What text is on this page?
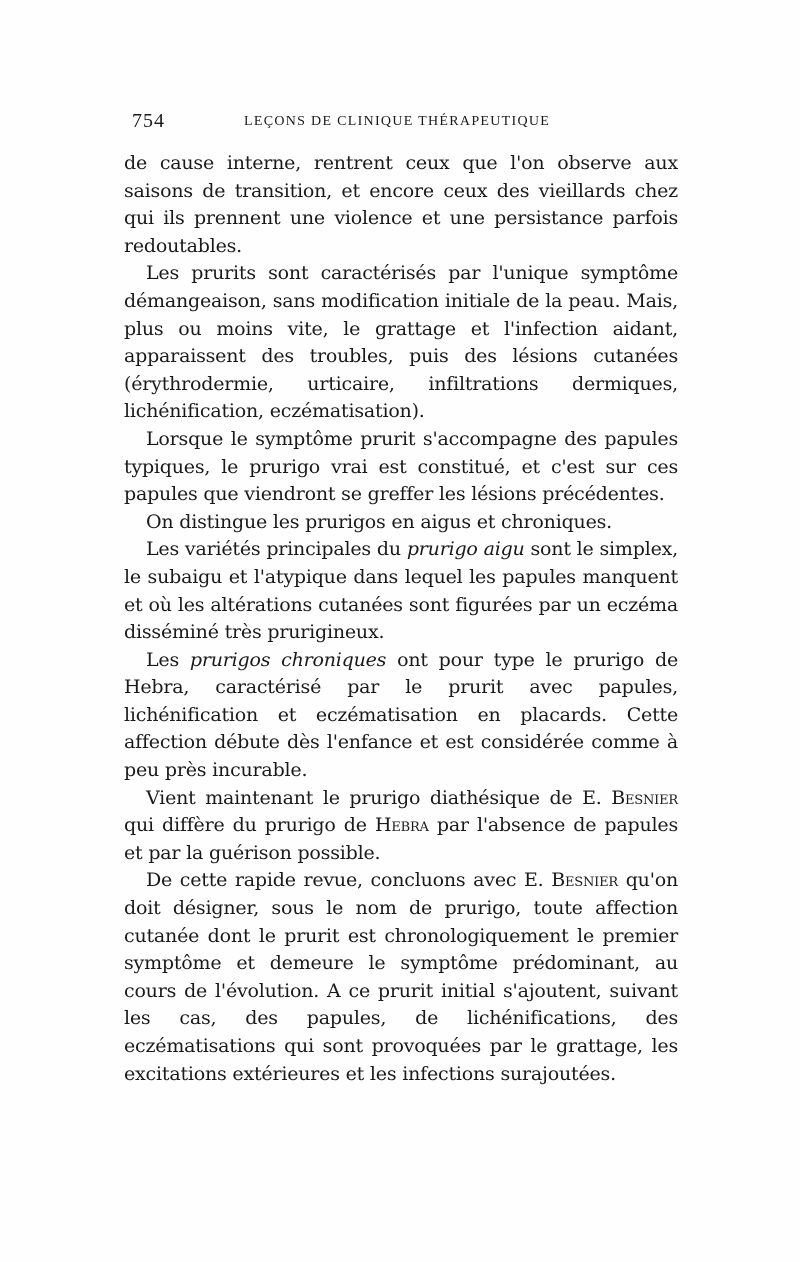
754	LEÇONS DE CLINIQUE THÉRAPEUTIQUE

de cause interne, rentrent ceux que l'on observe aux saisons de transition, et encore ceux des vieillards chez qui ils prennent une violence et une persistance parfois redoutables.

Les prurits sont caractérisés par l'unique symptôme démangeaison, sans modification initiale de la peau. Mais, plus ou moins vite, le grattage et l'infection aidant, apparaissent des troubles, puis des lésions cutanées (érythrodermie, urticaire, infiltrations dermiques, lichénification, eczématisation).

Lorsque le symptôme prurit s'accompagne des papules typiques, le prurigo vrai est constitué, et c'est sur ces papules que viendront se greffer les lésions précédentes.

On distingue les prurigos en aigus et chroniques.

Les variétés principales du prurigo aigu sont le simplex, le subaigu et l'atypique dans lequel les papules manquent et où les altérations cutanées sont figurées par un eczéma disséminé très prurigineux.

Les prurigos chroniques ont pour type le prurigo de Hebra, caractérisé par le prurit avec papules, lichénification et eczématisation en placards. Cette affection débute dès l'enfance et est considérée comme à peu près incurable.

Vient maintenant le prurigo diathésique de E. Besnier qui diffère du prurigo de Hebra par l'absence de papules et par la guérison possible.

De cette rapide revue, concluons avec E. Besnier qu'on doit désigner, sous le nom de prurigo, toute affection cutanée dont le prurit est chronologiquement le premier symptôme et demeure le symptôme prédominant, au cours de l'évolution. A ce prurit initial s'ajoutent, suivant les cas, des papules, de lichénifications, des eczématisations qui sont provoquées par le grattage, les excitations extérieures et les infections surajoutées.
